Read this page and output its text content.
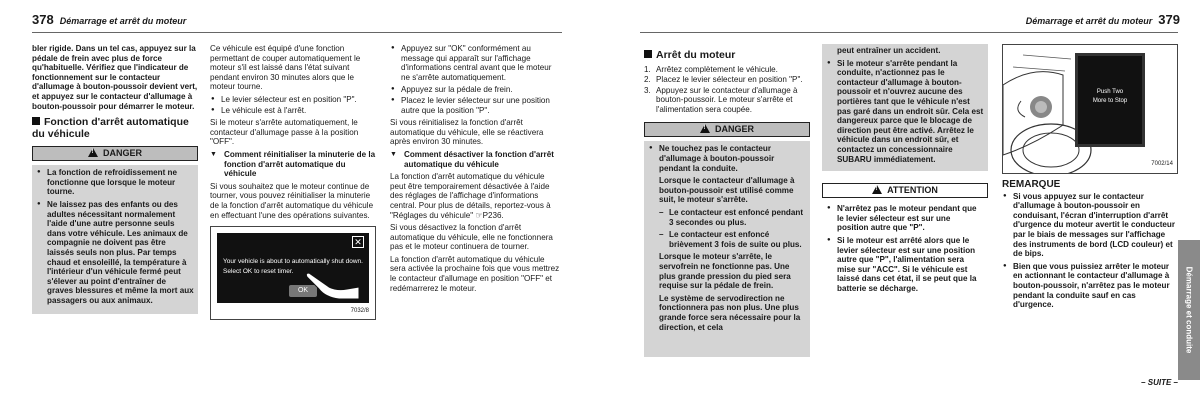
378 Démarrage et arrêt du moteur	Démarrage et arrêt du moteur 379

bler rigide. Dans un tel cas, appuyez sur la pédale de frein avec plus de force qu'habituelle. Vérifiez que l'indicateur de fonctionnement sur le contacteur d'allumage à bouton-poussoir devient vert, et appuyez sur le contacteur d'allumage à bouton-poussoir pour démarrer le moteur.

Fonction d'arrêt automatique du véhicule
!DANGER

● La fonction de refroidissement ne fonctionne que lorsque le moteur tourne.

● Ne laissez pas des enfants ou des adultes nécessitant normalement l'aide d'une autre personne seuls dans votre véhicule. Les animaux de compagnie ne doivent pas être laissés seuls non plus. Par temps chaud et ensoleillé, la température à l'intérieur d'un véhicule fermé peut s'élever au point d'entraîner de graves blessures et même la mort aux passagers ou aux animaux.

Ce véhicule est équipé d'une fonction permettant de couper automatiquement le moteur s'il est laissé dans l'état suivant pendant environ 30 minutes alors que le moteur tourne.

● Le levier sélecteur est en position "P".

● Le véhicule est à l'arrêt.

Si le moteur s'arrête automatiquement, le contacteur d'allumage passe à la position "OFF".

▼ Comment réinitialiser la minuterie de la fonction d'arrêt automatique du véhicule

Si vous souhaitez que le moteur continue de tourner, vous pouvez réinitialiser la minuterie de la fonction d'arrêt automatique du véhicule en effectuant l'une des opérations suivantes.

✕
Your vehicle is about to automatically shut down.
Select OK to reset timer.
OK
7032/8

● Appuyez sur "OK" conformément au message qui apparaît sur l'affichage d'informations central avant que le moteur ne s'arrête automatiquement.

● Appuyez sur la pédale de frein.

● Placez le levier sélecteur sur une position autre que la position "P".

Si vous réinitialisez la fonction d'arrêt automatique du véhicule, elle se réactivera après environ 30 minutes.

▼ Comment désactiver la fonction d'arrêt automatique du véhicule

La fonction d'arrêt automatique du véhicule peut être temporairement désactivée à l'aide des réglages de l'affichage d'informations central. Pour plus de détails, reportez-vous à "Réglages du véhicule" ☞P236.

Si vous désactivez la fonction d'arrêt automatique du véhicule, elle ne fonctionnera pas et le moteur continuera de tourner.

La fonction d'arrêt automatique du véhicule sera activée la prochaine fois que vous mettrez le contacteur d'allumage en position "OFF" et redémarrerez le moteur.

Arrêt du moteur
1. Arrêtez complètement le véhicule.
2. Placez le levier sélecteur en position "P".
3. Appuyez sur le contacteur d'allumage à bouton-poussoir. Le moteur s'arrête et l'alimentation sera coupée.
!DANGER

● Ne touchez pas le contacteur d'allumage à bouton-poussoir pendant la conduite.

Lorsque le contacteur d'allumage à bouton-poussoir est utilisé comme suit, le moteur s'arrête.

– Le contacteur est enfoncé pendant 3 secondes ou plus.

– Le contacteur est enfoncé brièvement 3 fois de suite ou plus.

Lorsque le moteur s'arrête, le servofrein ne fonctionne pas. Une plus grande pression du pied sera requise sur la pédale de frein.

Le système de servodirection ne fonctionnera pas non plus. Une plus grande force sera nécessaire pour la direction, et cela

peut entraîner un accident.

● Si le moteur s'arrête pendant la conduite, n'actionnez pas le contacteur d'allumage à bouton-poussoir et n'ouvrez aucune des portières tant que le véhicule n'est pas garé dans un endroit sûr. Cela est dangereux parce que le blocage de direction peut être activé. Arrêtez le véhicule dans un endroit sûr, et contactez un concessionnaire SUBARU immédiatement.

!ATTENTION

● N'arrêtez pas le moteur pendant que le levier sélecteur est sur une position autre que "P".

● Si le moteur est arrêté alors que le levier sélecteur est sur une position autre que "P", l'alimentation sera mise sur "ACC". Si le véhicule est laissé dans cet état, il se peut que la batterie se décharge.

Push Two
More to Stop
7002/14
REMARQUE

● Si vous appuyez sur le contacteur d'allumage à bouton-poussoir en conduisant, l'écran d'interruption d'arrêt d'urgence du moteur avertit le conducteur par le biais de messages sur l'affichage des instruments de bord (LCD couleur) et de bips.

● Bien que vous puissiez arrêter le moteur en actionnant le contacteur d'allumage à bouton-poussoir, n'arrêtez pas le moteur pendant la conduite sauf en cas d'urgence.

– SUITE –
Démarrage et conduite
